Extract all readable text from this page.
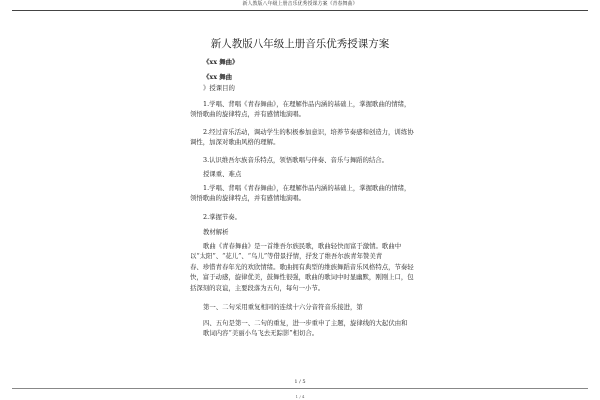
新人教版八年级上册音乐优秀授课方案《青春舞曲》
新人教版八年级上册音乐优秀授课方案
《xx 舞曲》
《xx 舞曲
》授课目的
1.学唱、背唱《青春舞曲》，在理解作品内涵的基础上，掌握歌曲的情绪，
领悟歌曲的旋律特点，并有感情地演唱。
2.经过音乐活动，调动学生的积极参加意识，培养节奏感和创造力，训练协
调性，加深对歌曲风格的理解。
3.认识维吾尔族音乐特点，领悟歌唱与伴奏、音乐与舞蹈的结合。
授课重、难点
1.学唱、背唱《青春舞曲》，在理解作品内涵的基础上，掌握歌曲的情绪，
领悟歌曲的旋律特点，并有感情地演唱。
2.掌握节奏。
教材解析
歌曲《青春舞曲》是一首维吾尔族民歌，歌曲轻快而富于激情。歌曲中
以“太阳”、“花儿”、“鸟儿”等借景抒情，抒发了维吾尔族青年赞美青
春、珍惜青春年光的欢欣情绪。歌曲拥有典型的维族舞蹈音乐风格特点，节奏轻
快，富于动感，旋律优美，鼓舞性很强，歌曲的歌词中时显幽默，刚刚上口，包
括深刻的哀谊，主要段落为五句，每句一小节。
第一、二句采用重复相同的连续十六分音符音乐接进，第
四、五句是第一、二句的重复，进一步重申了主题，旋律线的大起伏由和
歌词内容“美丽小鸟飞去无踪影”相切合。
1 / 5
1 / 4
